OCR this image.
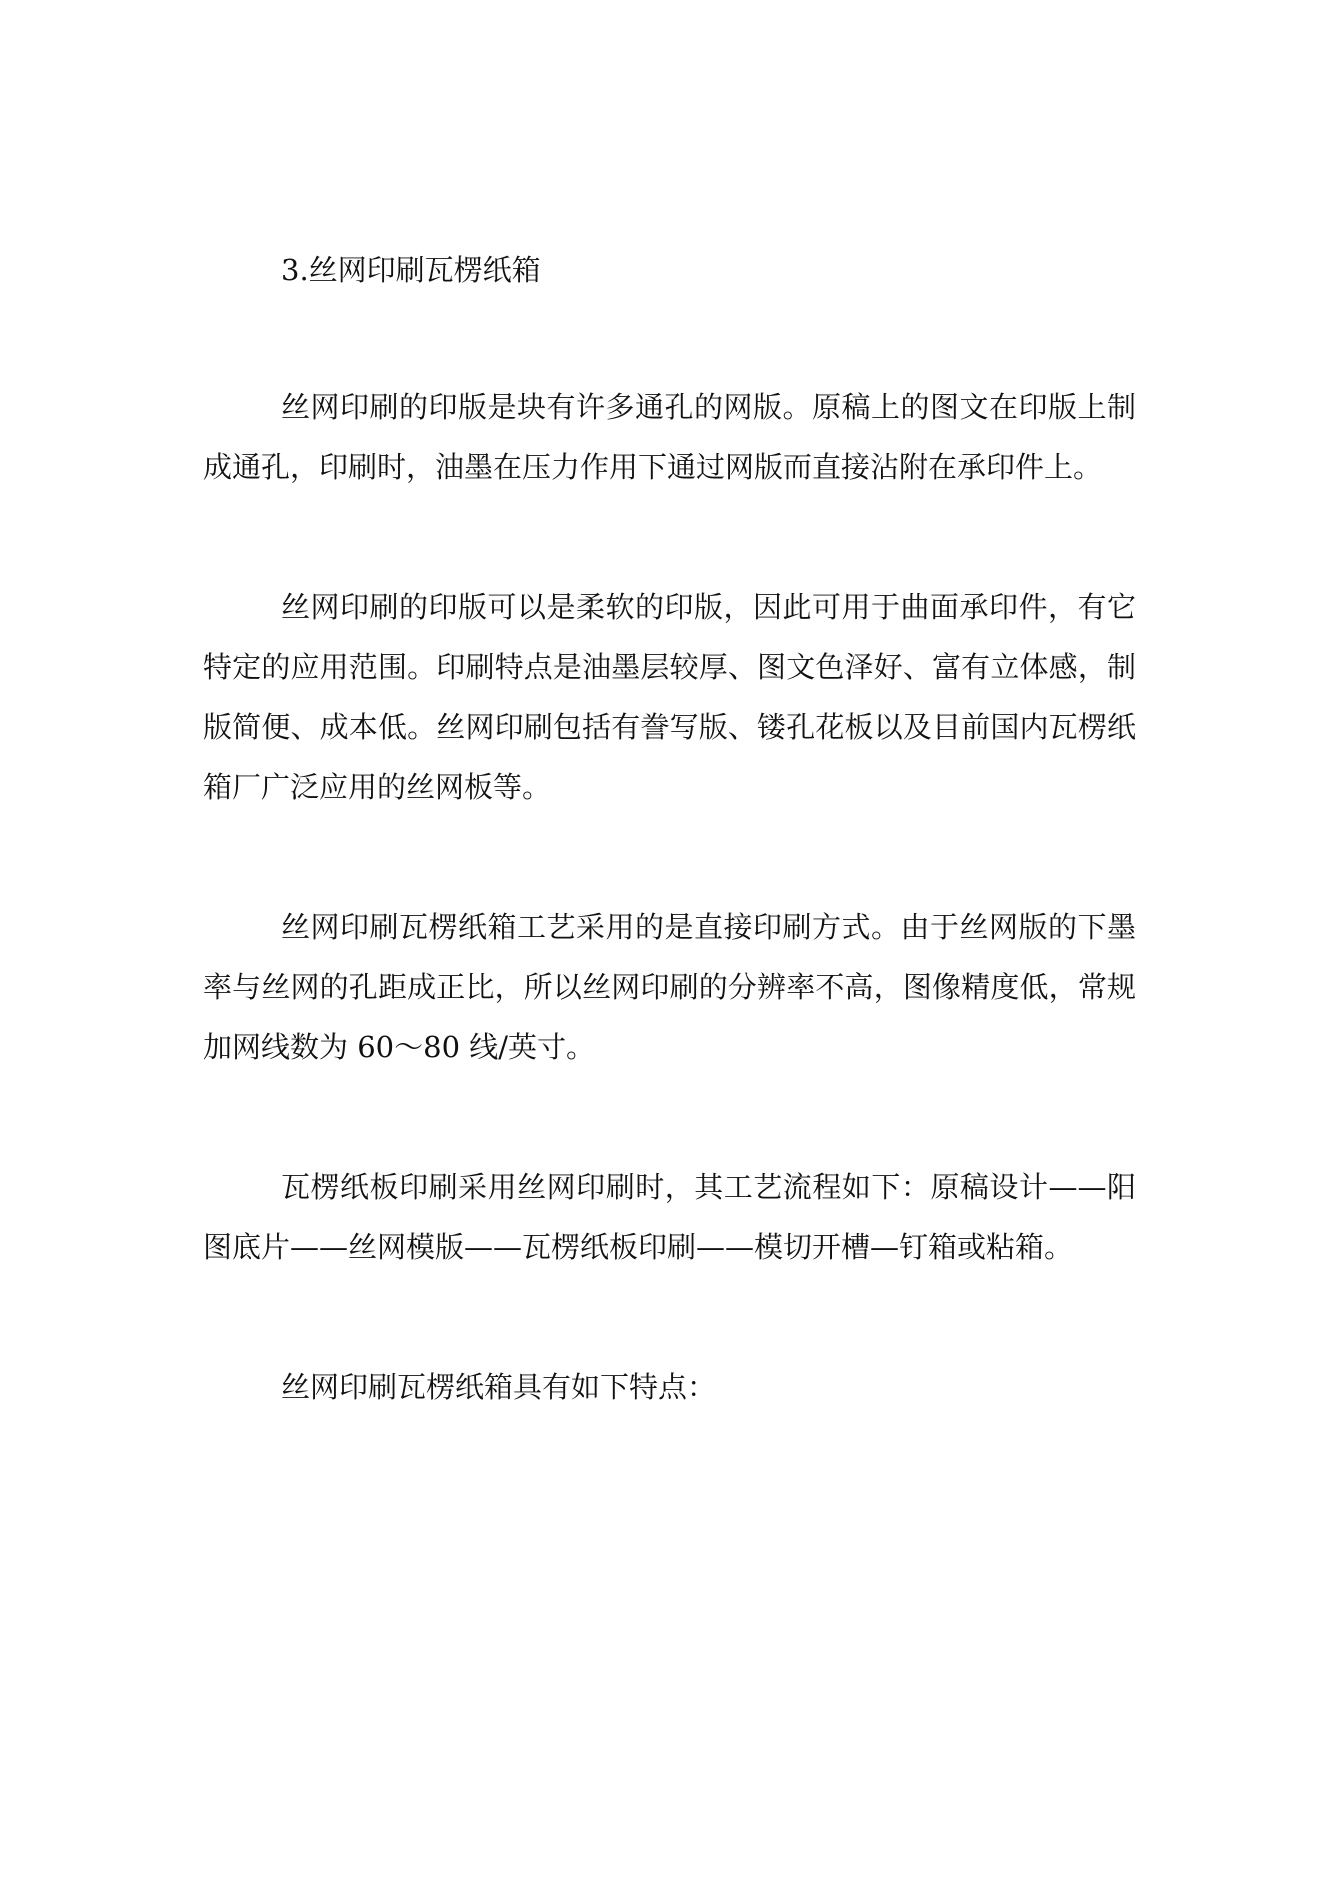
3.丝网印刷瓦楞纸箱

丝网印刷的印版是块有许多通孔的网版。原稿上的图文在印版上制成通孔，印刷时，油墨在压力作用下通过网版而直接沾附在承印件上。

丝网印刷的印版可以是柔软的印版，因此可用于曲面承印件，有它特定的应用范围。印刷特点是油墨层较厚、图文色泽好、富有立体感，制版简便、成本低。丝网印刷包括有誊写版、镂孔花板以及目前国内瓦楞纸箱厂广泛应用的丝网板等。

丝网印刷瓦楞纸箱工艺采用的是直接印刷方式。由于丝网版的下墨率与丝网的孔距成正比，所以丝网印刷的分辨率不高，图像精度低，常规加网线数为 60～80 线/英寸。

瓦楞纸板印刷采用丝网印刷时，其工艺流程如下：原稿设计——阳图底片——丝网模版——瓦楞纸板印刷——模切开槽—钉箱或粘箱。

丝网印刷瓦楞纸箱具有如下特点：
